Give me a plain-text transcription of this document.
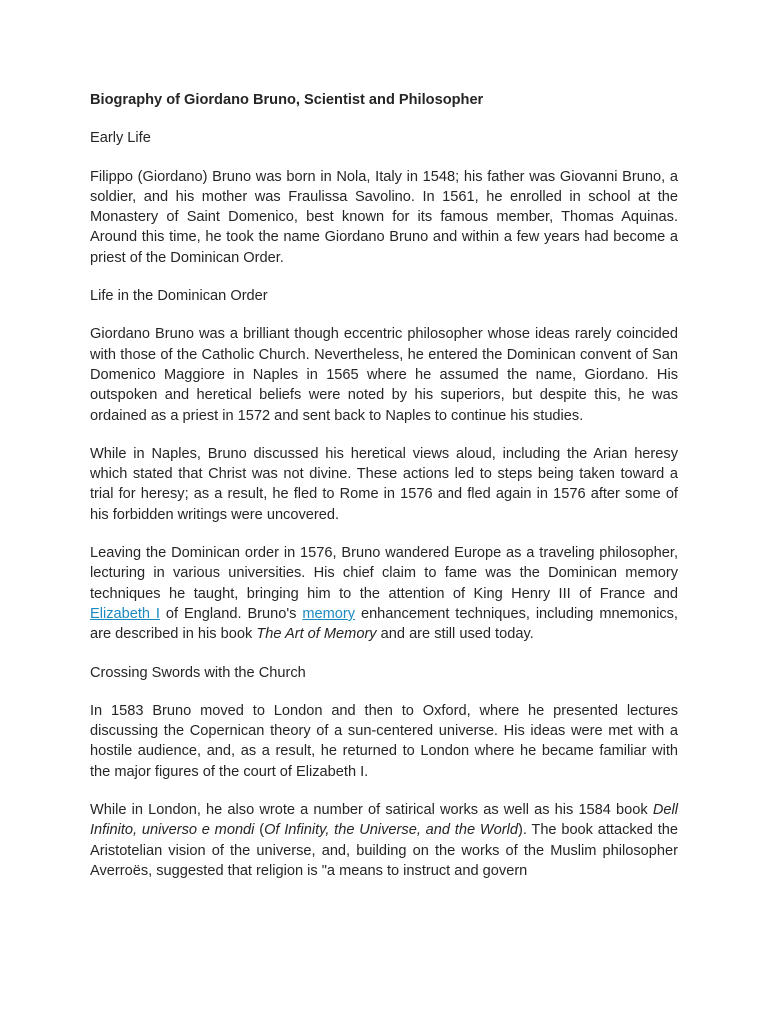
Biography of Giordano Bruno, Scientist and Philosopher
Early Life

Filippo (Giordano) Bruno was born in Nola, Italy in 1548; his father was Giovanni Bruno, a soldier, and his mother was Fraulissa Savolino. In 1561, he enrolled in school at the Monastery of Saint Domenico, best known for its famous member, Thomas Aquinas. Around this time, he took the name Giordano Bruno and within a few years had become a priest of the Dominican Order.

Life in the Dominican Order

Giordano Bruno was a brilliant though eccentric philosopher whose ideas rarely coincided with those of the Catholic Church. Nevertheless, he entered the Dominican convent of San Domenico Maggiore in Naples in 1565 where he assumed the name, Giordano. His outspoken and heretical beliefs were noted by his superiors, but despite this, he was ordained as a priest in 1572 and sent back to Naples to continue his studies.

While in Naples, Bruno discussed his heretical views aloud, including the Arian heresy which stated that Christ was not divine. These actions led to steps being taken toward a trial for heresy; as a result, he fled to Rome in 1576 and fled again in 1576 after some of his forbidden writings were uncovered.

Leaving the Dominican order in 1576, Bruno wandered Europe as a traveling philosopher, lecturing in various universities. His chief claim to fame was the Dominican memory techniques he taught, bringing him to the attention of King Henry III of France and Elizabeth I of England. Bruno's memory enhancement techniques, including mnemonics, are described in his book The Art of Memory and are still used today.

Crossing Swords with the Church

In 1583 Bruno moved to London and then to Oxford, where he presented lectures discussing the Copernican theory of a sun-centered universe. His ideas were met with a hostile audience, and, as a result, he returned to London where he became familiar with the major figures of the court of Elizabeth I.

While in London, he also wrote a number of satirical works as well as his 1584 book Dell Infinito, universo e mondi (Of Infinity, the Universe, and the World). The book attacked the Aristotelian vision of the universe, and, building on the works of the Muslim philosopher Averroës, suggested that religion is "a means to instruct and govern
